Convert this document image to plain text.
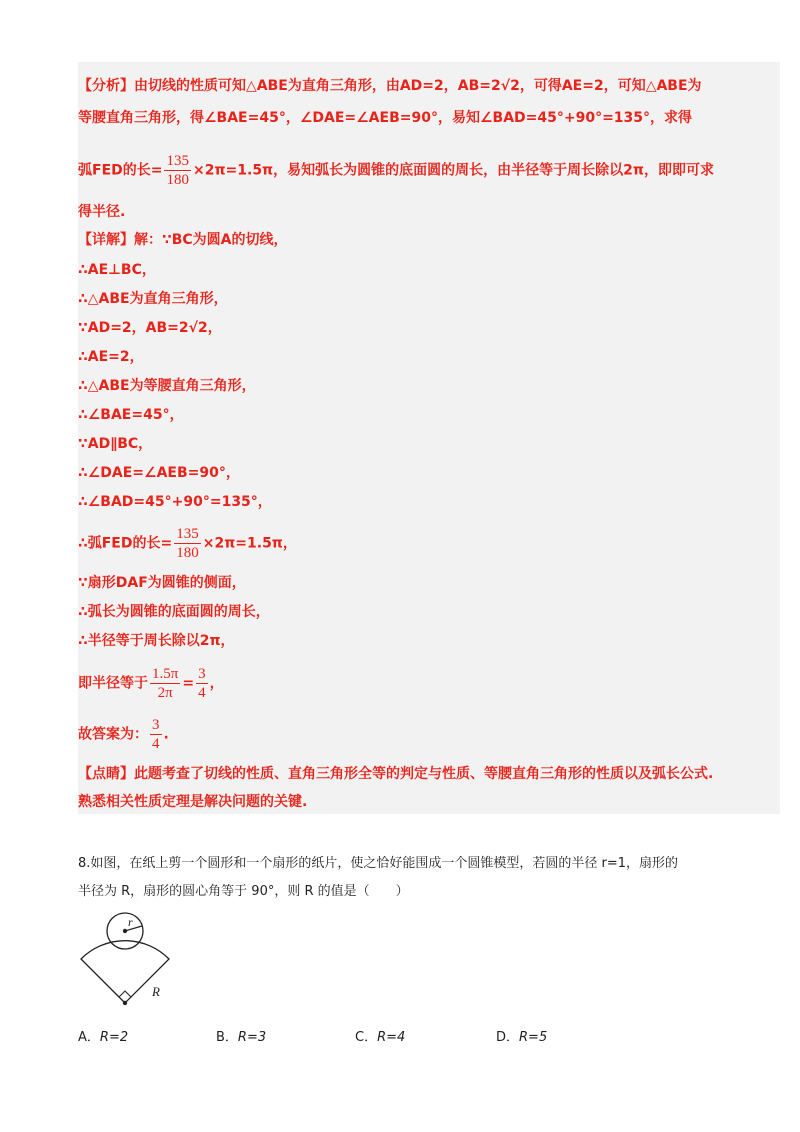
【分析】由切线的性质可知△ABE为直角三角形，由AD=2，AB=2√2，可得AE=2，可知△ABE为
等腰直角三角形，得∠BAE=45°，∠DAE=∠AEB=90°，易知∠BAD=45°+90°=135°，求得
弧FED的长= $\frac{135}{180} \times 2\pi=1.5\pi$，易知弧长为圆锥的底面圆的周长，由半径等于周长除以2π，即即可求
得半径.
【详解】解：∵BC为圆A的切线，
∴AE⊥BC，
∴△ABE为直角三角形，
∵AD=2，AB=2√2，
∴AE=2，
∴△ABE为等腰直角三角形，
∴∠BAE=45°，
∵AD∥BC，
∴∠DAE=∠AEB=90°，
∴∠BAD=45°+90°=135°，
∴弧FED的长= $\frac{135}{180} \times 2\pi=1.5\pi$，
∵扇形DAF为圆锥的侧面，
∴弧长为圆锥的底面圆的周长，
∴半径等于周长除以2π，
即半径等于 $\frac{1.5\pi}{2\pi} = \frac{3}{4}$ ，
故答案为： $\frac{3}{4}$ .
【点睛】此题考查了切线的性质、直角三角形全等的判定与性质、等腰直角三角形的性质以及弧长公式.
熟悉相关性质定理是解决问题的关键.
8.如图，在纸上剪一个圆形和一个扇形的纸片，使之恰好能围成一个圆锥模型，若圆的半径 r=1，扇形的
半径为 R，扇形的圆心角等于 90°，则 R 的值是（　　）
r
R
A．R=2	B．R=3	C．R=4	D．R=5
